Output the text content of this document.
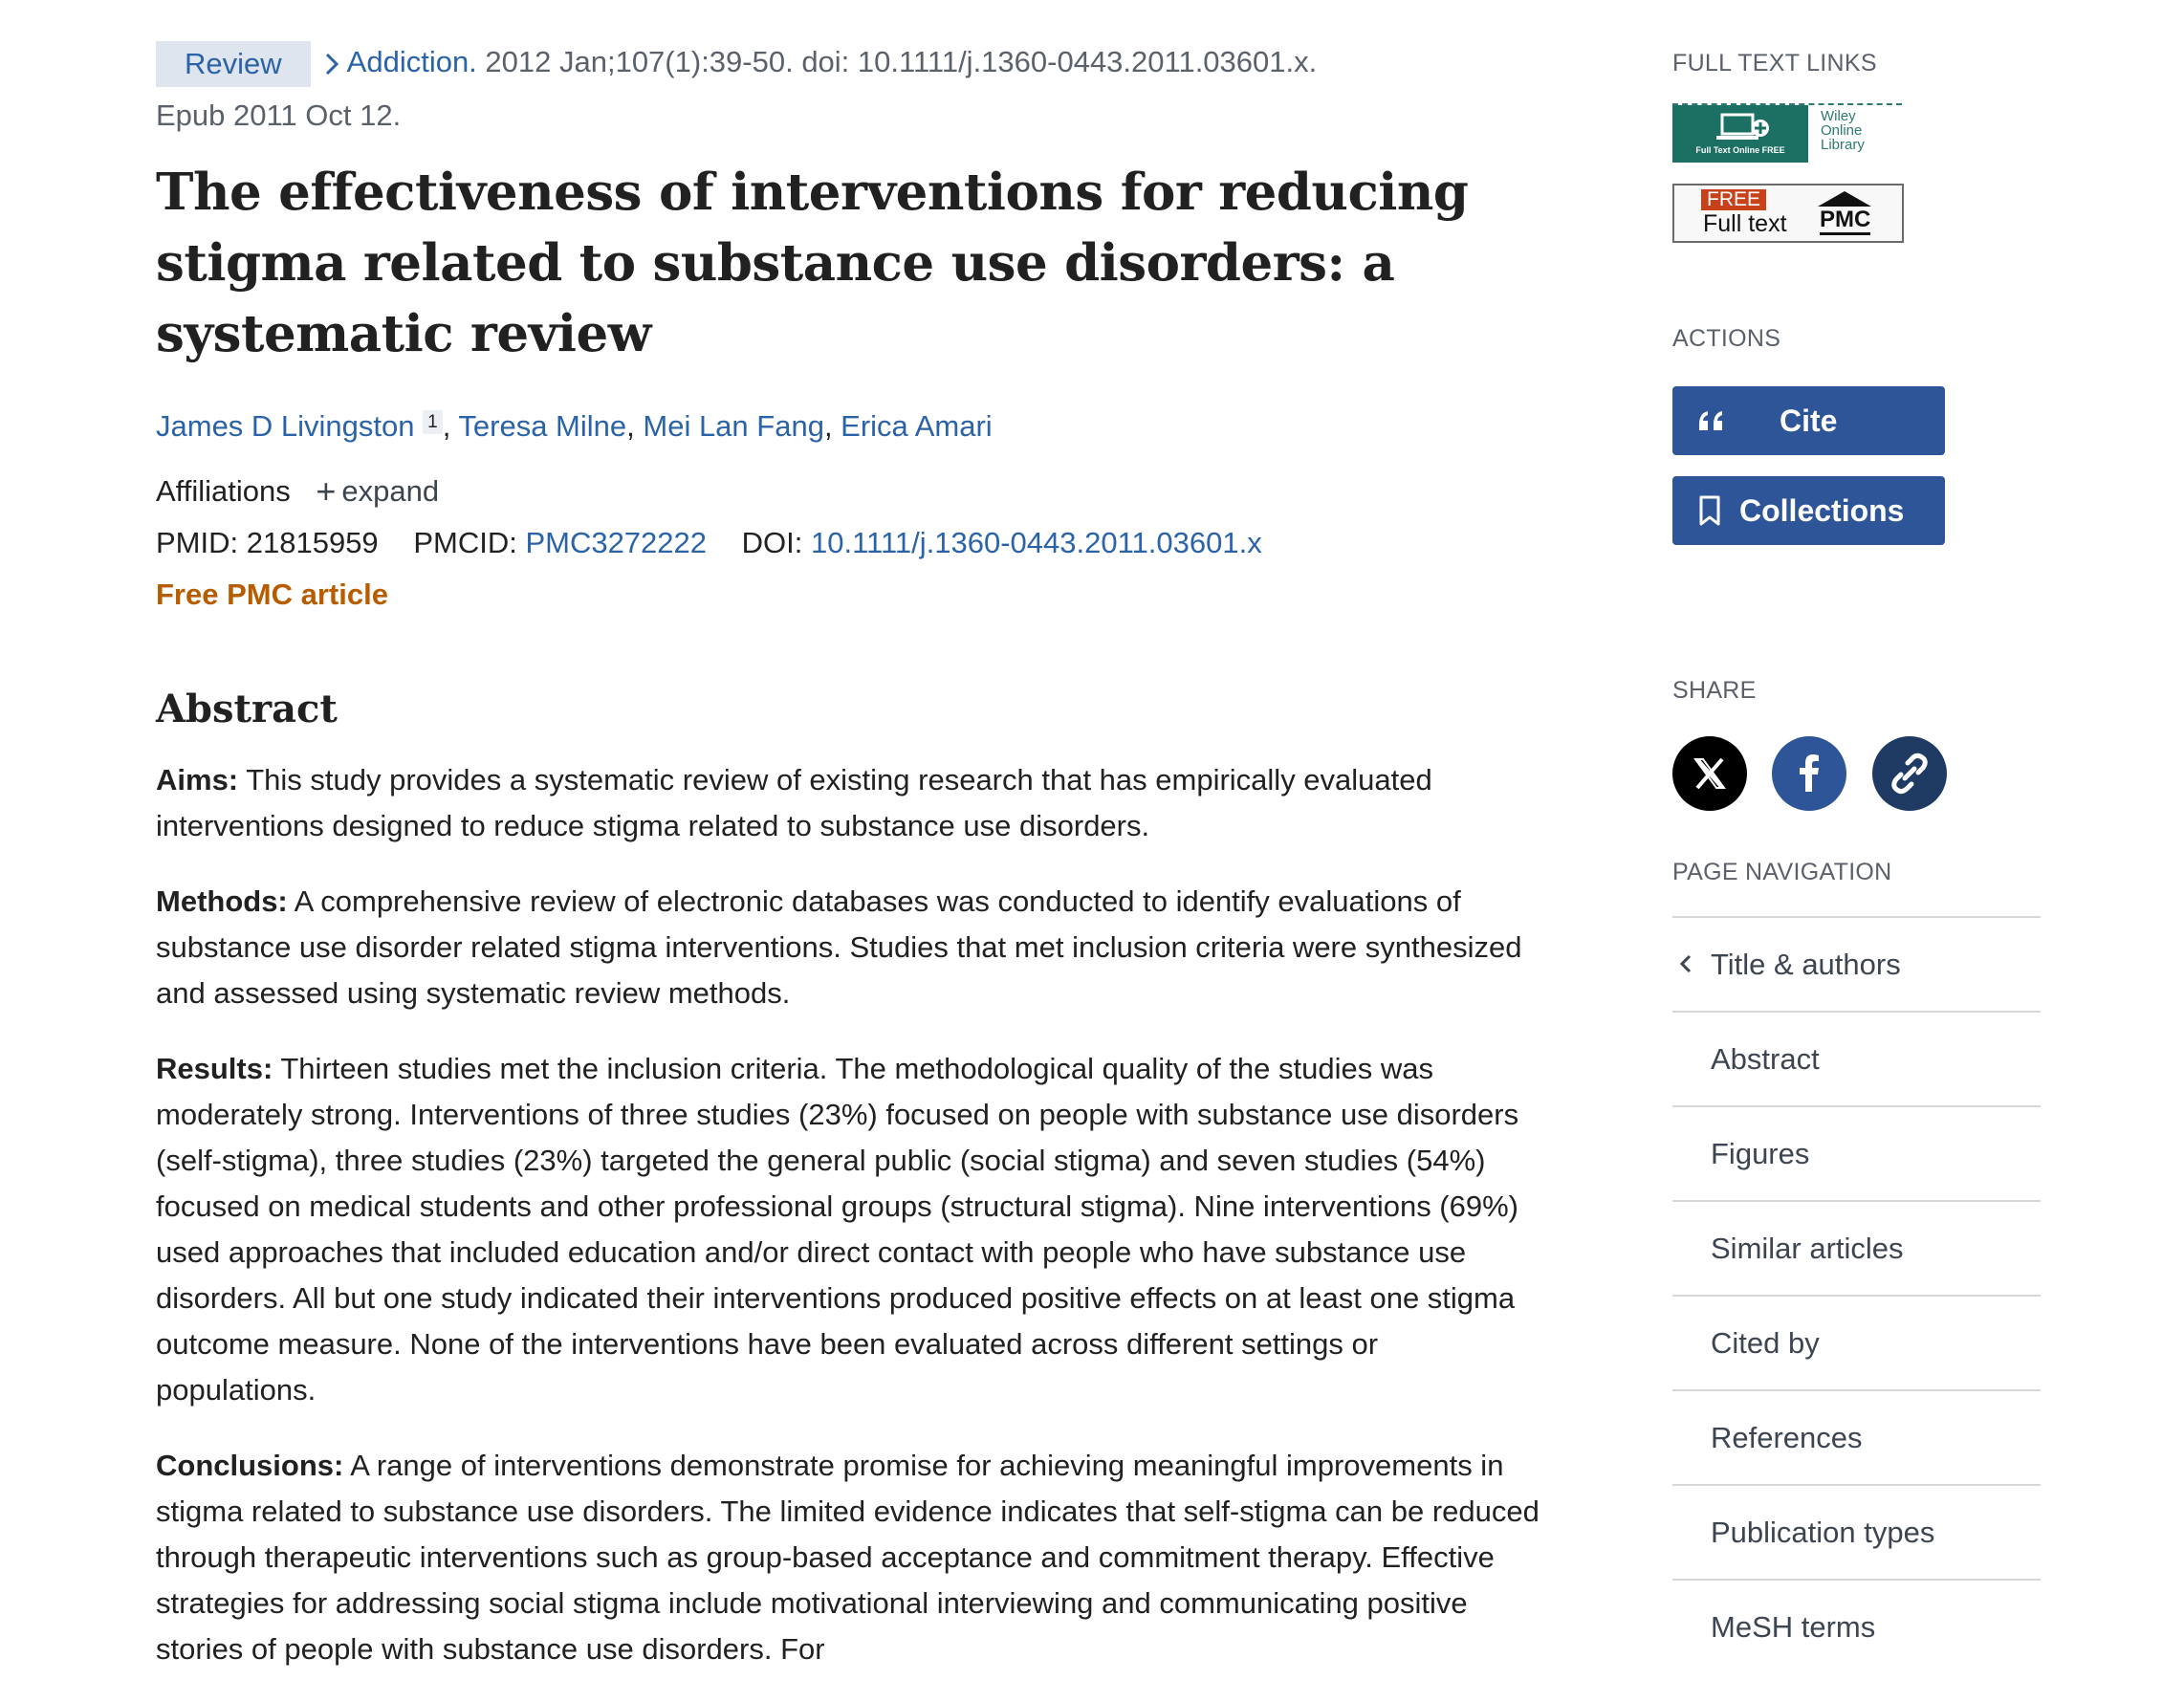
Review Addiction. 2012 Jan;107(1):39-50. doi: 10.1111/j.1360-0443.2011.03601.x.
Epub 2011 Oct 12.
The effectiveness of interventions for reducing stigma related to substance use disorders: a systematic review
James D Livingston $^1$ , Teresa Milne, Mei Lan Fang, Erica Amari
Affiliations + expand
PMID: 21815959 PMCID: PMC3272222 DOI: 10.1111/j.1360-0443.2011.03601.x
Free PMC article
Abstract

Aims: This study provides a systematic review of existing research that has empirically evaluated interventions designed to reduce stigma related to substance use disorders.

Methods: A comprehensive review of electronic databases was conducted to identify evaluations of substance use disorder related stigma interventions. Studies that met inclusion criteria were synthesized and assessed using systematic review methods.

Results: Thirteen studies met the inclusion criteria. The methodological quality of the studies was moderately strong. Interventions of three studies (23%) focused on people with substance use disorders (self-stigma), three studies (23%) targeted the general public (social stigma) and seven studies (54%) focused on medical students and other professional groups (structural stigma). Nine interventions (69%) used approaches that included education and/or direct contact with people who have substance use disorders. All but one study indicated their interventions produced positive effects on at least one stigma outcome measure. None of the interventions have been evaluated across different settings or populations.

Conclusions: A range of interventions demonstrate promise for achieving meaningful improvements in stigma related to substance use disorders. The limited evidence indicates that self-stigma can be reduced through therapeutic interventions such as group-based acceptance and commitment therapy. Effective strategies for addressing social stigma include motivational interviewing and communicating positive stories of people with substance use disorders. For

FULL TEXT LINKS
Full Text Online FREE
Wiley
Online
Library
FREE
Full text PMC
ACTIONS
Cite
Collections
SHARE

PAGE NAVIGATION
Title & authors
Abstract
Figures
Similar articles
Cited by
References
Publication types
MeSH terms
